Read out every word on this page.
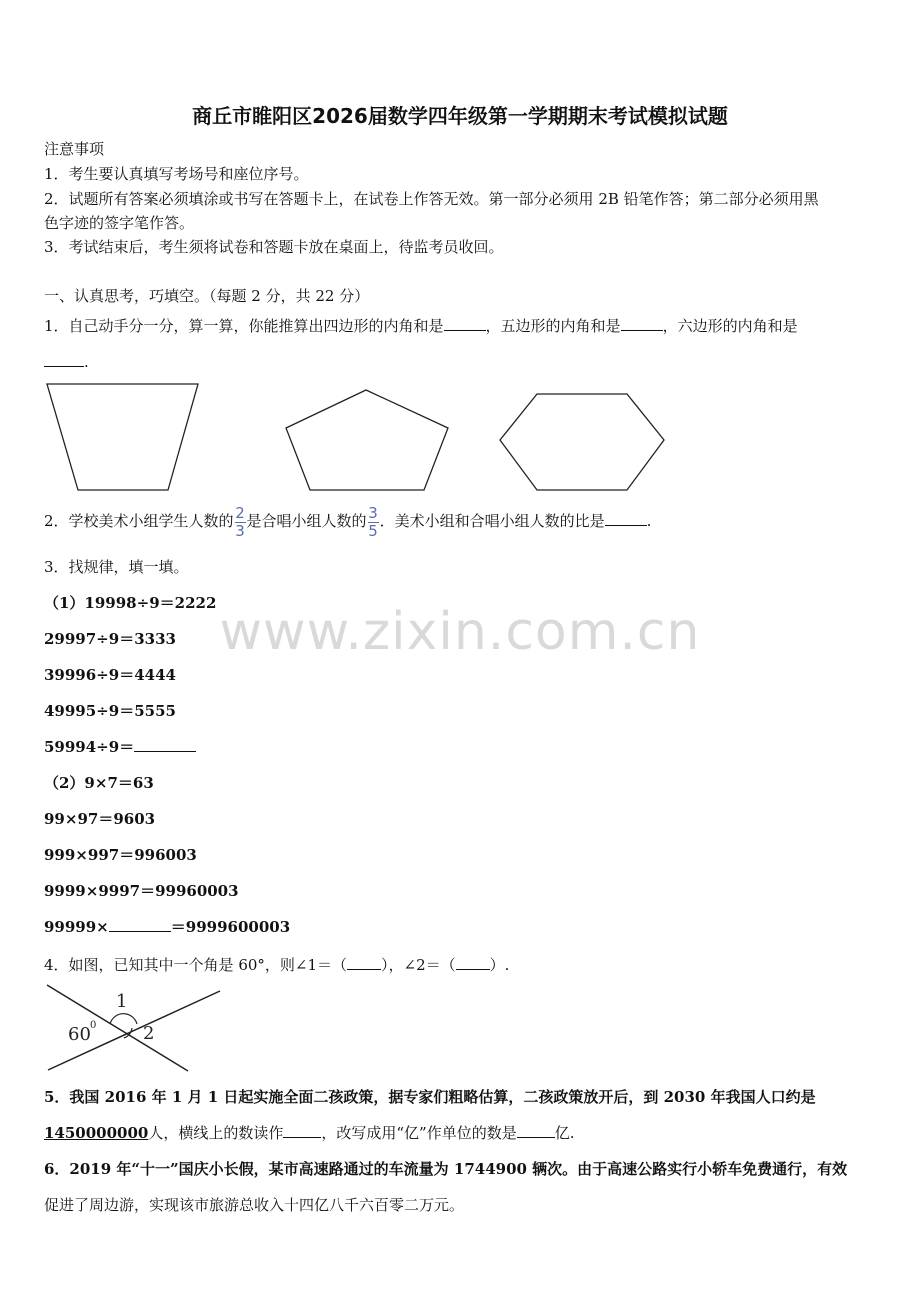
www.zixin.com.cn
商丘市睢阳区2026届数学四年级第一学期期末考试模拟试题
注意事项
1．考生要认真填写考场号和座位序号。
2．试题所有答案必须填涂或书写在答题卡上，在试卷上作答无效。第一部分必须用 2B 铅笔作答；第二部分必须用黑
色字迹的签字笔作答。
3．考试结束后，考生须将试卷和答题卡放在桌面上，待监考员收回。
一、认真思考，巧填空。（每题 2 分，共 22 分）
1．自己动手分一分，算一算，你能推算出四边形的内角和是	，五边形的内角和是	，六边形的内角和是
.
2．学校美术小组学生人数的 $\frac{2}{3}$ 是合唱小组人数的 $\frac{3}{5}$ ．美术小组和合唱小组人数的比是	.
3．找规律，填一填。
（1）19998÷9＝2222
29997÷9＝3333
39996÷9＝4444
49995÷9＝5555
59994÷9＝
（2）9×7＝63
99×97＝9603
999×997＝996003
9999×9997＝99960003
99999×	＝9999600003
4．如图，已知其中一个角是 60°，则∠1＝（ ），∠2＝（ ）.
60 0
1
2
5．我国 2016 年 1 月 1 日起实施全面二孩政策，据专家们粗略估算，二孩政策放开后，到 2030 年我国人口约是
1450000000人，横线上的数读作	，改写成用“亿”作单位的数是	亿.
6．2019 年“十一”国庆小长假，某市高速路通过的车流量为 1744900 辆次。由于高速公路实行小轿车免费通行，有效
促进了周边游，实现该市旅游总收入十四亿八千六百零二万元。
